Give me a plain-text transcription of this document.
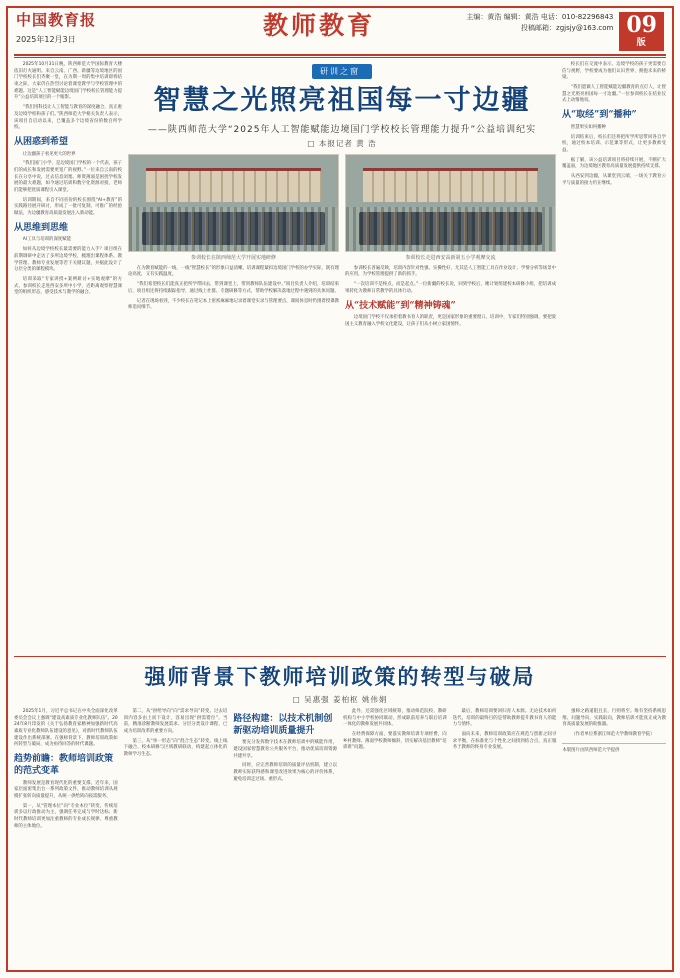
中国教育报
2025年12月3日	教师教育	主编：黄浩 编辑：黄浩 电话：010-82296843
投稿邮箱：zgjsjy@163.com 09
版

2025年10月31日晚，陕西师范大学国际教育大楼依旧灯火通明。来自云南、广西、新疆等边境地区的国门学校校长们齐聚一堂，在为期一周的集中培训即将结束之际，大家仍在热烈讨论着课堂教学与学校管理中的难题。这是“人工智能赋能边境国门学校校长管理能力提升”公益培训项目的一个缩影。

“我们用科技让人工智能与教育的深度融合，真正惠及边境学校和孩子们。”陕西师范大学相关负责人表示，该项目自启动以来，已覆盖多个边境省份的数百所学校。

从困惑到希望

让边疆孩子看见更大的世界

“我们国门小学，是边境国门学校的一个代表，孩子们的成长和发展需要更宽广的视野。”一位来自云南的校长在分享中说，过去信息闭塞、师资薄弱是困扰学校发展的最大难题，如今通过培训和数字化资源对接，老师们能够把优质课程引入课堂。

培训期间，来自不同省份的校长围绕“AI+教育”的实践路径展开研讨，形成了一批可复制、可推广的经验做法，为边疆教育高质量发展注入新动能。

从思维到思维

AI工具与培训的深度赋能

如何从边境学校校长最需要的能力入手？项目组在前期调研中走访了多所边境学校，梳理出课程体系、教学管理、教师专业发展等若干关键议题，并据此设计了分层分类的课程模块。

培训采取“专家讲授+案例研讨+实地观摩”的方式，参训校长走进西安多所中小学，近距离观察智慧课堂的组织形态，感受技术与教学的融合。

研训之窗
智慧之光照亮祖国每一寸边疆
——陕西师范大学“2025年人工智能赋能边境国门学校校长管理能力提升”公益培训纪实
□ 本报记者 黄 浩
参训校长在陕西师范大学开展实地研修	参训校长走进西安高新第五小学观摩交流

在为教育赋能的一线，一线“智慧校长”的形象日益清晰。培训课程紧扣边境国门学校的办学实际，既有理论高度，又有实践温度。

“我们希望校长们能真正把所学带回去，带到课堂上、带到教师队伍建设中。”项目负责人介绍，培训结束后，项目组还将持续跟踪指导，通过线上社群、专题研修等方式，帮助学校解决落地过程中遇到的具体问题。

记者在现场看到，不少校长在笔记本上密密麻麻地记录着课堂实录与管理要点，课间休息时仍围着授课教师追问细节。

参训校长普遍反映，培训内容针对性强、实操性好，尤其是人工智能工具在作业设计、学情分析等场景中的应用，为学校管理提供了新的抓手。

“一次培训不是终点，而是起点。”一位新疆的校长说，回到学校后，她计划组建校本研修小组，把培训成果转化为教师日常教学的具体行动。

从“技术赋能”到“精神铸魂”

边境国门学校不仅承担着教书育人的职责，更是国家形象的重要窗口。培训中，专家们特别强调，要把爱国主义教育融入学校文化建设，让孩子们从小树立家国情怀。

校长们在交流中表示，边境学校的孩子更需要自信与视野，学校要成为他们认识世界、拥抱未来的桥梁。

“我们愿做人工智能赋能边疆教育的点灯人，让智慧之光照亮祖国每一寸边疆。”一位参训校长在结业仪式上动情地说。

从“取经”到“播种”

智慧果实如何播种

培训结束后，校长们还将把所学所思带回各自学校，通过校本培训、示范课等形式，让更多教师受益。

据了解，该公益培训项目将持续开展，不断扩大覆盖面，为边境地区教育高质量发展提供持续支撑。

从西安到边疆，从课堂到云端，一场关于教育公平与质量的接力仍在继续。

强师背景下教师培训政策的转型与破局
□ 吴惠强 姜柏枢 姚伟娟

2025年1月，习近平总书记在中央全面深化改革委员会会议上强调“建设高素质专业化教师队伍”。2024年8月印发的《关于弘扬教育家精神加强新时代高素质专业化教师队伍建设的意见》，对新时代教师队伍建设作出系统部署。在强师背景下，教师培训政策如何转型与破局，成为亟待回答的时代课题。

趋势前瞻：教师培训政策的范式变革

教师发展是教育现代化的重要支撑。近年来，国家层面密集出台一系列政策文件，推动教师培训从规模扩张转向质量提升，从统一供给转向按需服务。

第一，从“管理本位”向“专业本位”转变。传统培训多以行政推动为主，强调任务完成与学时达标；新时代教师培训更加注重教师的专业成长规律，尊重教师的主体地位。

第二，从“供给导向”向“需求导向”转变。过去培训内容多由上而下设计，容易出现“供需错位”。当前，精准诊断教师发展需求、分层分类设计课程，已成为培训改革的重要方向。

第三，从“单一形态”向“混合生态”转变。线上线下融合、校本研修与区域教研联动，构建起立体化的教师学习生态。

路径构建：以技术机制创新驱动培训质量提升

要充分发挥数字技术在教师培训中的赋能作用，建设国家智慧教育公共服务平台，推动优质培训资源共建共享。

同时，应完善教师培训的质量评估机制，建立以教师实际获得感和课堂改进效果为核心的评价体系，避免培训走过场、重形式。

此外，还需强化区域统筹，推动师范院校、教研机构与中小学校协同联动，形成职前培养与职后培训一体化的教师发展共同体。

在经费保障方面，要落实教师培训专项经费，向乡村教师、薄弱学校教师倾斜，切实解决基层教师“培训难”问题。

最后，教师培训要回归育人本源。无论技术如何迭代，培训的最终目的是帮助教师提升教书育人的能力与情怀。

面向未来，教师培训政策应在规范与创新之间寻求平衡，在标准化与个性化之间找到结合点，真正服务于教师的终身专业发展。

强师之路道阻且长，行则将至。唯有坚持系统思维、问题导向、实践取向，教师培训才能真正成为教育高质量发展的助推器。

（作者单位系浙江师范大学教师教育学院）

本版图片由陕西师范大学提供
